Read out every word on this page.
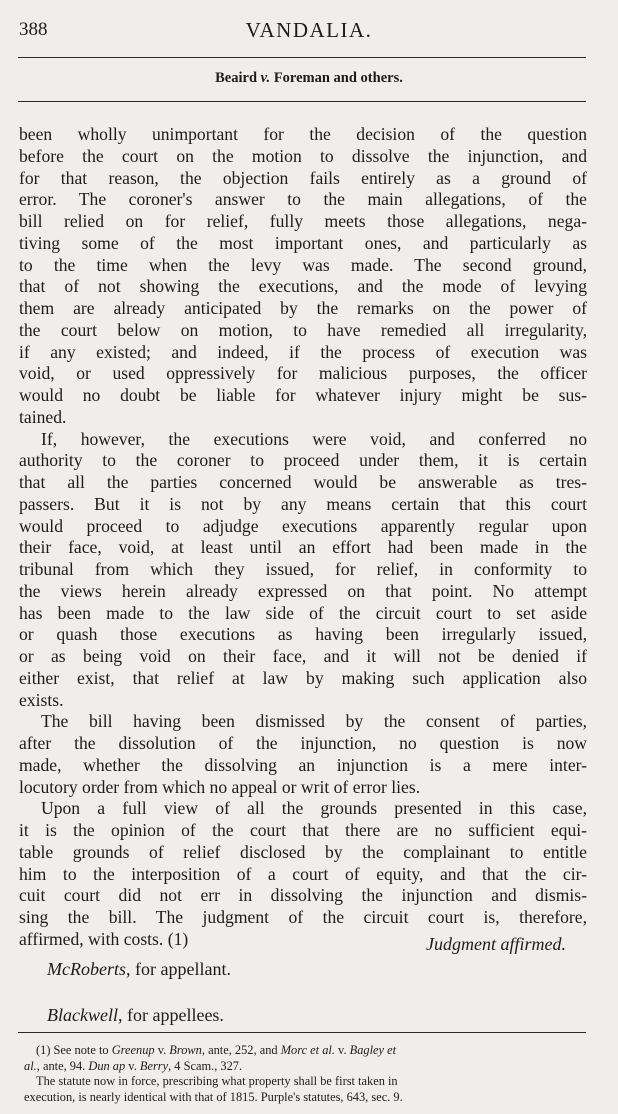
388	VANDALIA.
Beaird v. Foreman and others.
been wholly unimportant for the decision of the question
before the court on the motion to dissolve the injunction, and
for that reason, the objection fails entirely as a ground of
error. The coroner's answer to the main allegations, of the
bill relied on for relief, fully meets those allegations, nega-
tiving some of the most important ones, and particularly as
to the time when the levy was made. The second ground,
that of not showing the executions, and the mode of levying
them are already anticipated by the remarks on the power of
the court below on motion, to have remedied all irregularity,
if any existed; and indeed, if the process of execution was
void, or used oppressively for malicious purposes, the officer
would no doubt be liable for whatever injury might be sus-
tained.
If, however, the executions were void, and conferred no
authority to the coroner to proceed under them, it is certain
that all the parties concerned would be answerable as tres-
passers. But it is not by any means certain that this court
would proceed to adjudge executions apparently regular upon
their face, void, at least until an effort had been made in the
tribunal from which they issued, for relief, in conformity to
the views herein already expressed on that point. No attempt
has been made to the law side of the circuit court to set aside
or quash those executions as having been irregularly issued,
or as being void on their face, and it will not be denied if
either exist, that relief at law by making such application also
exists.
The bill having been dismissed by the consent of parties,
after the dissolution of the injunction, no question is now
made, whether the dissolving an injunction is a mere inter-
locutory order from which no appeal or writ of error lies.
Upon a full view of all the grounds presented in this case,
it is the opinion of the court that there are no sufficient equi-
table grounds of relief disclosed by the complainant to entitle
him to the interposition of a court of equity, and that the cir-
cuit court did not err in dissolving the injunction and dismis-
sing the bill. The judgment of the circuit court is, therefore,
affirmed, with costs. (1)	Judgment affirmed.
McRoberts, for appellant.
Blackwell, for appellees.
(1) See note to Greenup v. Brown, ante, 252, and Morc et al. v. Bagley et
al., ante, 94. Dun ap v. Berry, 4 Scam., 327.
The statute now in force, prescribing what property shall be first taken in
execution, is nearly identical with that of 1815. Purple's statutes, 643, sec. 9.
